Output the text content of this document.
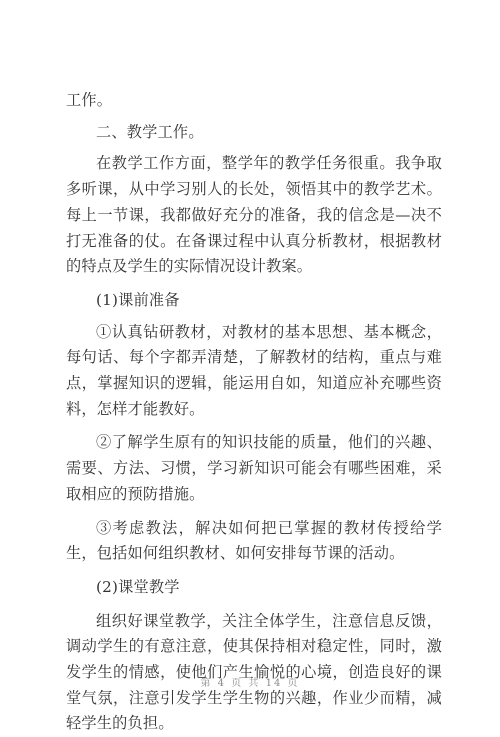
工作。

二、教学工作。

在教学工作方面，整学年的教学任务很重。我争取多听课，从中学习别人的长处，领悟其中的教学艺术。每上一节课，我都做好充分的准备，我的信念是—决不打无准备的仗。在备课过程中认真分析教材，根据教材的特点及学生的实际情况设计教案。

(1)课前准备

①认真钻研教材，对教材的基本思想、基本概念，每句话、每个字都弄清楚，了解教材的结构，重点与难点，掌握知识的逻辑，能运用自如，知道应补充哪些资料，怎样才能教好。

②了解学生原有的知识技能的质量，他们的兴趣、需要、方法、习惯，学习新知识可能会有哪些困难，采取相应的预防措施。

③考虑教法，解决如何把已掌握的教材传授给学生，包括如何组织教材、如何安排每节课的活动。

(2)课堂教学

组织好课堂教学，关注全体学生，注意信息反馈，调动学生的有意注意，使其保持相对稳定性，同时，激发学生的情感，使他们产生愉悦的心境，创造良好的课堂气氛，注意引发学生学生物的兴趣，作业少而精，减轻学生的负担。

第 4 页 共 14 页
